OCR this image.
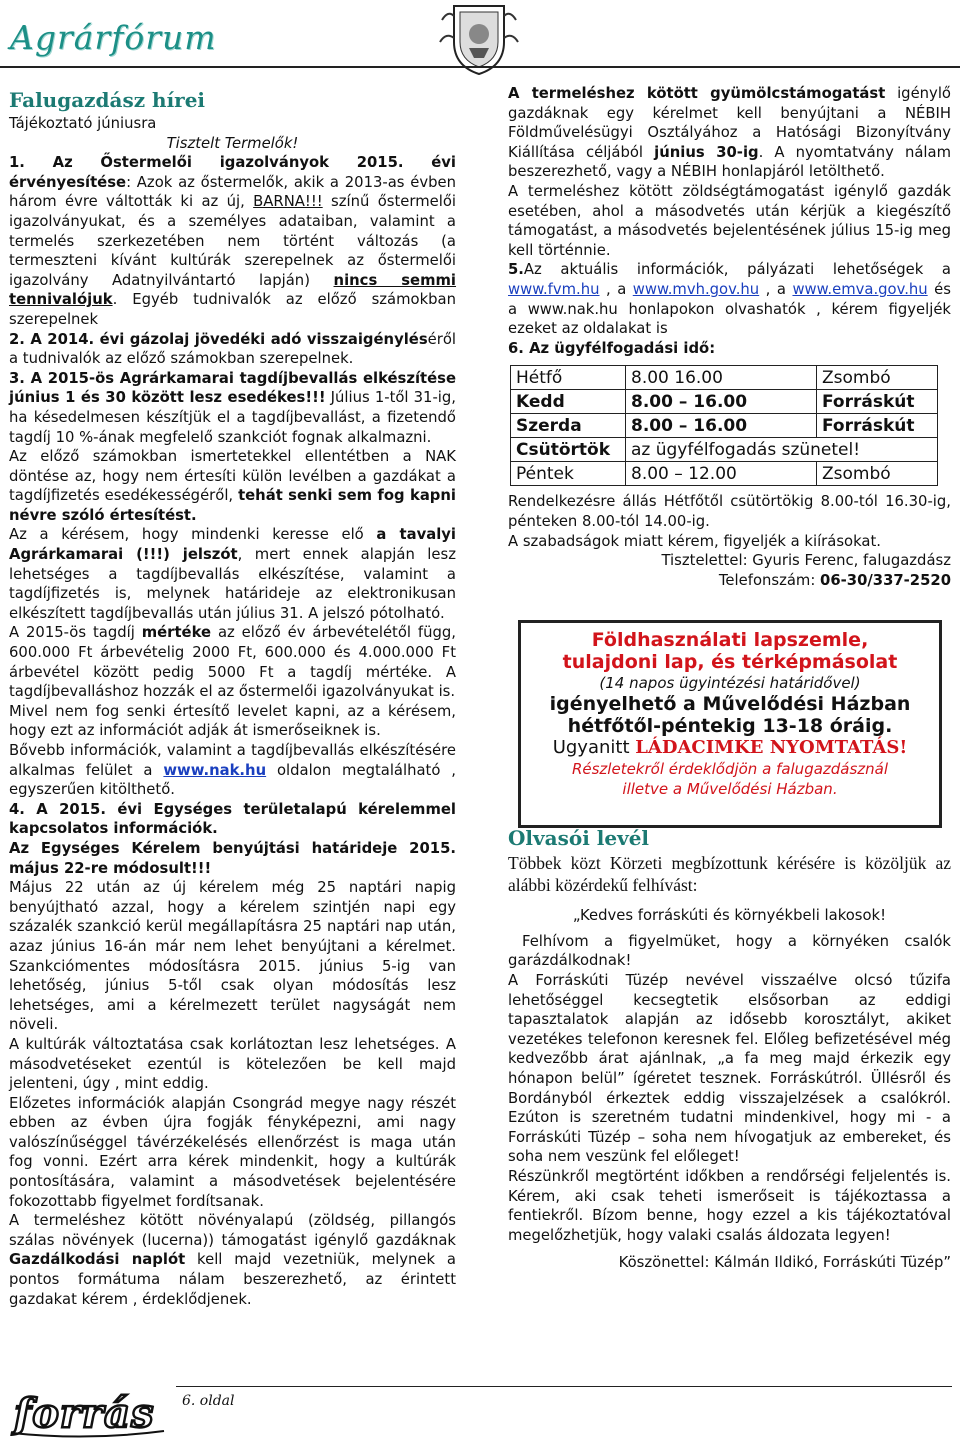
Agrárfórum
Falugazdász hírei

Tájékoztató júniusra

Tisztelt Termelők!

1. Az Őstermelői igazolványok 2015. évi érvényesítése: Azok az őstermelők, akik a 2013-as évben három évre váltották ki az új, BARNA!!! színű őstermelői igazolványukat, és a személyes adataiban, valamint a termelés szerkezetében nem történt változás (a termeszteni kívánt kultúrák szerepelnek az őstermelői igazolvány Adatnyilvántartó lapján) nincs semmi tennivalójuk. Egyéb tudnivalók az előző számokban szerepelnek

2. A 2014. évi gázolaj jövedéki adó visszaigényléséről a tudnivalók az előző számokban szerepelnek.

3. A 2015-ös Agrárkamarai tagdíjbevallás elkészítése június 1 és 30 között lesz esedékes!!! Július 1-től 31-ig, ha késedelmesen készítjük el a tagdíjbevallást, a fizetendő tagdíj 10 %-ának megfelelő szankciót fognak alkalmazni.

Az előző számokban ismertetekkel ellentétben a NAK döntése az, hogy nem értesíti külön levélben a gazdákat a tagdíjfizetés esedékességéről, tehát senki sem fog kapni névre szóló értesítést.

Az a kérésem, hogy mindenki keresse elő a tavalyi Agrárkamarai (!!!) jelszót, mert ennek alapján lesz lehetséges a tagdíjbevallás elkészítése, valamint a tagdíjfizetés is, melynek határideje az elektronikusan elkészített tagdíjbevallás után július 31. A jelszó pótolható.

A 2015-ös tagdíj mértéke az előző év árbevételétől függ, 600.000 Ft árbevételig 2000 Ft, 600.000 és 4.000.000 Ft árbevétel között pedig 5000 Ft a tagdíj mértéke. A tagdíjbevalláshoz hozzák el az őstermelői igazolványukat is.

Mivel nem fog senki értesítő levelet kapni, az a kérésem, hogy ezt az információt adják át ismerőseiknek is.

Bővebb információk, valamint a tagdíjbevallás elkészítésére alkalmas felület a www.nak.hu oldalon megtalálható , egyszerűen kitölthető.

4. A 2015. évi Egységes területalapú kérelemmel kapcsolatos információk.

Az Egységes Kérelem benyújtási határideje 2015. május 22-re módosult!!!

Május 22 után az új kérelem még 25 naptári napig benyújtható azzal, hogy a kérelem szintjén napi egy százalék szankció kerül megállapításra 25 naptári nap után, azaz június 16-án már nem lehet benyújtani a kérelmet. Szankciómentes módosításra 2015. június 5-ig van lehetőség, június 5-től csak olyan módosítás lesz lehetséges, ami a kérelmezett terület nagyságát nem növeli.

A kultúrák változtatása csak korlátoztan lesz lehetséges. A másodvetéseket ezentúl is kötelezően be kell majd jelenteni, úgy , mint eddig.

Előzetes információk alapján Csongrád megye nagy részét ebben az évben újra fogják fényképezni, ami nagy valószínűséggel távérzékelésés ellenőrzést is maga után fog vonni. Ezért arra kérek mindenkit, hogy a kultúrák pontosítására, valamint a másodvetések bejelentésére fokozottabb figyelmet fordítsanak.

A termeléshez kötött növényalapú (zöldség, pillangós szálas növények (lucerna)) támogatást igénylő gazdáknak Gazdálkodási naplót kell majd vezetniük, melynek a pontos formátuma nálam beszerezhető, az érintett gazdakat kérem , érdeklődjenek.

A termeléshez kötött gyümölcstámogatást igénylő gazdáknak egy kérelmet kell benyújtani a NÉBIH Földművelésügyi Osztályához a Hatósági Bizonyítvány Kiállítása céljából június 30-ig. A nyomtatvány nálam beszerezhető, vagy a NÉBIH honlapjáról letölthető.

A termeléshez kötött zöldségtámogatást igénylő gazdák esetében, ahol a másodvetés után kérjük a kiegészítő támogatást, a másodvetés bejelentésének július 15-ig meg kell történnie.

5.Az aktuális információk, pályázati lehetőségek a www.fvm.hu , a www.mvh.gov.hu , a www.emva.gov.hu és a www.nak.hu honlapokon olvashatók , kérem figyeljék ezeket az oldalakat is

6. Az ügyfélfogadási idő:

Hétfő	8.00 16.00	Zsombó
Kedd	8.00 – 16.00	Forráskút
Szerda	8.00 – 16.00	Forráskút
Csütörtök	az ügyfélfogadás szünetel!	
Péntek	8.00 – 12.00	Zsombó

Rendelkezésre állás Hétfőtől csütörtökig 8.00-tól 16.30-ig, pénteken 8.00-tól 14.00-ig.

A szabadságok miatt kérem, figyeljék a kiírásokat.

Tisztelettel: Gyuris Ferenc, falugazdász

Telefonszám: 06-30/337-2520

Olvasói levél

Többek közt Körzeti megbízottunk kérésére is közöljük az alábbi közérdekű felhívást:

„Kedves forráskúti és környékbeli lakosok!

Felhívom a figyelmüket, hogy a környéken csalók garázdálkodnak!

A Forráskúti Tüzép nevével visszaélve olcsó tűzifa lehetőséggel kecsegtetik elsősorban az eddigi tapasztalatok alapján az idősebb korosztályt, akiket vezetékes telefonon keresnek fel. Előleg befizetésével még kedvezőbb árat ajánlnak, „a fa meg majd érkezik egy hónapon belül” ígéretet tesznek. Forráskútról. Üllésről és Bordányból érkeztek eddig visszajelzések a csalókról. Ezúton is szeretném tudatni mindenkivel, hogy mi - a Forráskúti Tüzép – soha nem hívogatjuk az embereket, és soha nem veszünk fel előleget!

Részünkről megtörtént időkben a rendőrségi feljelentés is. Kérem, aki csak teheti ismerőseit is tájékoztassa a fentiekről. Bízom benne, hogy ezzel a kis tájékoztatóval megelőzhetjük, hogy valaki csalás áldozata legyen!

Köszönettel: Kálmán Ildikó, Forráskúti Tüzép”

Földhasználati lapszemle,
tulajdoni lap, és térképmásolat
(14 napos ügyintézési határidővel)
igényelhető a Művelődési Házban
hétfőtől-péntekig 13-18 óráig.
Ugyanitt LÁDACIMKE NYOMTATÁS!
Részletekről érdeklődjön a falugazdásznál
illetve a Művelődési Házban.
forrás 6. oldal
